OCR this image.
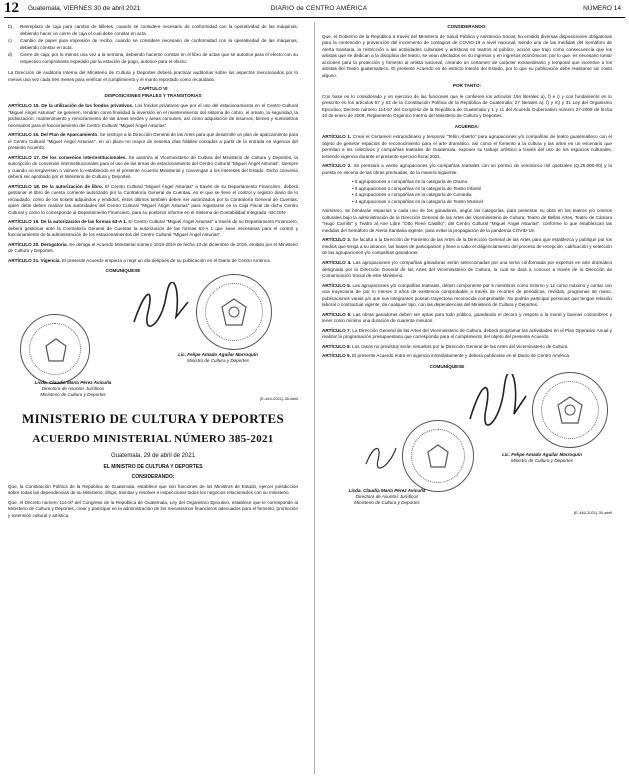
12 Guatemala, VIERNES 30 de abril 2021	DIARIO de CENTRO AMÉRICA	NÚMERO 14
b)	Reemplazo de caja para cambio de billetes, cuando se considere necesario de conformidad con la operatividad de las máquinas, debiendo hacer un cierre de caja el cual debe constar en acta.
c)	Cambio de papel para impresión de recibo, cuando se considere necesario de conformidad con la operatividad de las máquinas, debiendo constar en acta.
d)	Cierre de caja; por lo menos una vez a la semana, debiendo hacerse constar en el libro de actas que se autorice para el efecto con su respectivo comprobante expedido por la estación de pago, autorice para el efecto.

La Dirección de Auditoría Interna del Ministerio de Cultura y Deportes deberá practicar auditorías sobre los aspectos mencionados por lo menos una vez cada tres meses para verificar el cumplimiento y el monto reportado como recaudado.

CAPÍTULO VI
DISPOSICIONES FINALES Y TRANSITORIAS

ARTÍCULO 15. De la utilización de los fondos privativos. Los fondos privativos que por el uso del estacionamiento en el Centro Cultural "Miguel Ángel Asturias" se generen, tendrán como finalidad la inversión en el mantenimiento del sistema de cobro, el ornato, la seguridad, la jardinización, mantenimiento y remozamiento de las áreas verdes y áreas comunes, así como adquisición de insumos, bienes y suministros necesarios para el funcionamiento del Centro Cultural "Miguel Ángel Asturias".

ARTÍCULO 16. Del Plan de Aparcamiento. Se instruye a la Dirección General de las Artes para que desarrolle un plan de aparcamiento para el Centro Cultural "Miguel Ángel Asturias", en un plazo no mayor de sesenta días hábiles contados a partir de la entrada en vigencia del presente Acuerdo.

ARTÍCULO 17. De los convenios interinstitucionales. Se autoriza al Viceministerio de Cultura del Ministerio de Cultura y Deportes, la suscripción de convenios interinstitucionales para el uso de las áreas de estacionamiento del Centro Cultural "Miguel Ángel Asturias", siempre y cuando no tergiversen o vulnere lo establecido en el presente Acuerdo Ministerial y convengan a los intereses del Estado. Dicho convenio deberá ser aprobado por el Ministerio de Cultura y Deportes.

ARTÍCULO 18. De la autorización de libro. El Centro Cultural "Miguel Ángel Asturias" a través de su Departamento Financiero, deberá gestionar el libro de cuenta corriente autorizado por la Contraloría General de Cuentas, en el que se lleve el control y registro diario de lo recaudado, como de los tickets adquiridos y emitidos, éstos últimos también deben ser autorizados por la Contraloría General de Cuentas, quien debe deben realizar las autoridades del Centro Cultural "Miguel Ángel Asturias" para registrarse en la Caja Fiscal de dicho Centro Cultural y como lo corresponde al Departamento Financiero, para su posterior informe en el Sistema de Contabilidad Integrada -SICOIN-.

ARTÍCULO 19. De la autorización de las formas 63-A 1. El Centro Cultural "Miguel Ángel Asturias" a través de su Departamento Financiero, deberá gestionar ante la Contraloría General de Cuentas la autorización de las formas 63-A 1 que sean necesarias para el control y funcionamiento de la administración de los estacionamientos del Centro Cultural "Miguel Ángel Asturias".

ARTÍCULO 20. Derogatoria. Se deroga el Acuerdo Ministerial número 1019-2019 de fecha 13 de diciembre de 2019, emitido por el Ministerio de Cultura y Deportes.

ARTÍCULO 21. Vigencia. El presente Acuerdo empieza a regir un día después de su publicación en el Diario de Centro América.

COMUNÍQUESE
Lic. Felipe Amado Aguilar Marroquín
Ministro de Cultura y Deportes
Licda. Claudia María Pérez Avicuña
Directora de Asuntos Jurídicos
Ministerio de Cultura y Deportes
(E-444-2021)-30-abril
MINISTERIO DE CULTURA Y DEPORTES
ACUERDO MINISTERIAL NÚMERO 385-2021
Guatemala, 29 de abril de 2021
EL MINISTRO DE CULTURA Y DEPORTES
CONSIDERANDO:

Que, la Constitución Política de la República de Guatemala, establece que son funciones de los Ministros de Estado, ejercer jurisdicción sobre todas las dependencias de su Ministerio, dirigir, tramitar y resolver e inspeccionar todos los negocios relacionados con su ministerio.

Que, el Decreto número 114-97 del Congreso de la República de Guatemala, Ley del Organismo Ejecutivo, establece que le corresponde al Ministerio de Cultura y Deportes, crear y participar en la administración de los mecanismos financieros adecuados para el fomento, promoción y extensión cultural y artística.

CONSIDERANDO:

Que, el Gobierno de la República a través del Ministerio de Salud Pública y Asistencia Social, ha emitido diversas disposiciones obligatorias para la contención y prevención del incremento de contagios de COVID-19 a nivel nacional, siendo una de las medidas del Semáforo de Alerta Sanitaria, la restricción a las actividades culturales y artísticas en teatros al público, acción que trajo como consecuencia que los artistas que se dedican a la disciplina del teatro, se vean afectados en su ingresos y en ingresos económicos; por lo que, es necesario tomar acciones para la protección y fomento al artista nacional, creando un certamen de carácter extraordinario y temporal que incentive a los artistas del Teatro guatemalteco. El presente Acuerdo es de estricto interés del Estado, por lo que su publicación debe realizarse sin costo alguno.

POR TANTO:

Con base en lo considerado y en ejercicio de las funciones que le confieren los artículos 194 literales a), f) e i) y con fundamento en lo prescrito en los artículos 57 y 63 de la Constitución Política de la República de Guatemala; 27 literales a), f) y m) y 31 Ley del Organismo Ejecutivo, Decreto número 114-97 del Congreso de la República de Guatemala y 1 y 11 del Acuerdo Gubernativo número 27-2008 de fecha 10 de enero de 2008, Reglamento Orgánico Interno del Ministerio de Cultura y Deportes.

ACUERDA:

ARTÍCULO 1. Crear el Certamen extraordinario y temporal "Telón Abierto" para agrupaciones y/o compañías de teatro guatemalteco con el objeto de generar espacios de reconocimiento para el arte dramático, así como el fomento a la cultura y las artes en un escenario que permitan a los colectivos y compañías teatrales de Guatemala, exponer su trabajo artístico a través del uso de los espacios culturales, teniendo vigencia durante el presente ejercicio fiscal 2021.

ARTÍCULO 2. Se premiará a veinte agrupaciones y/o compañías teatrales con un premio de veinticinco mil quetzales (Q.25,000.00) y la puesta en escena de las obras premiadas, de la manera siguiente:

• 6 agrupaciones o compañías en la categoría de Drama

• 6 agrupaciones o compañías en la categoría de Teatro Infantil

• 4 agrupaciones o compañías en la categoría de Comedia

• 4 agrupaciones o compañías en la categoría de Teatro Musical

Asimismo, se brindarán espacios a cada uno de los ganadores, según las categorías, para presentar su obra en los teatros y/o centros culturales bajo la administración de la Dirección General de las Artes del Viceministerio de Cultura; Teatro de Bellas Artes, Teatro de Cámara "Hugo Carrillo" y Teatro al Aire Libre "Otto René Castillo", del Centro Cultural "Miguel Ángel Asturias", conforme lo que establezcan las medidas del Semáforo de Alerta Sanitaria vigente, para evitar la propagación de la pandemia COVID-19.

ARTÍCULO 3. Se faculta a la Dirección de Fomento de las Artes de la Dirección General de las Artes para que establezca y publique por los medios que tenga a su alcance, las bases de participación y lleve a cabo el diligenciamiento del proceso de recepción, calificación y selección de las agrupaciones y/o compañías ganadoras.

ARTÍCULO 4. Las agrupaciones y/o compañías ganadoras serán seleccionadas por una terna conformada por expertos en arte dramático designada por la Dirección General de las Artes del Viceministerio de Cultura, la cual se dará a conocer a través de la Dirección de Comunicación Social de este Ministerio.

ARTÍCULO 5. Las agrupaciones y/o compañías teatrales, deben componerse por 5 miembros como mínimo y 12 como máximo y contar con una trayectoria de por lo menos 3 años de existencia comprobable a través de recortes de periódicos, revistas, programas de mano, publicaciones varias y/o que sus integrantes posean trayectoria reconocida comprobable. No podrán participar personas que tengan relación laboral o contractual vigente, de cualquier tipo, con las dependencias del Ministerio de Cultura y Deportes.

ARTÍCULO 6. Las obras ganadoras deben ser aptas para todo público, guardando el decoro y respeto a la moral y buenas costumbres y tener como mínimo una duración de cuarenta minutos.

ARTÍCULO 7. La Dirección General de las Artes del Viceministerio de Cultura, deberá programar las actividades en el Plan Operativo Anual y realizar la programación presupuestaria que corresponda para el cumplimiento del objeto del presente Acuerdo.

ARTÍCULO 8. Los casos no previstos serán resueltos por la Dirección General de las Artes del Viceministerio de Cultura.

ARTÍCULO 9. El presente Acuerdo entra en vigencia inmediatamente y deberá publicarse en el Diario de Centro América.

COMUNÍQUESE
Lic. Felipe Amado Aguilar Marroquín
Ministro de Cultura y Deportes
Licda. Claudia María Pérez Avicuña
Directora de Asuntos Jurídicos
Ministerio de Cultura y Deportes
(E-446-2021)-30-abril
